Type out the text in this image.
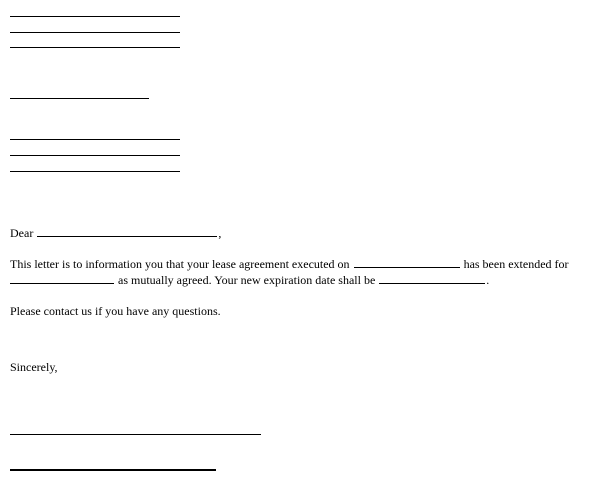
Dear	,
This letter is to information you that your lease agreement executed on	has been extended for
as mutually agreed. Your new expiration date shall be	.
Please contact us if you have any questions.
Sincerely,
